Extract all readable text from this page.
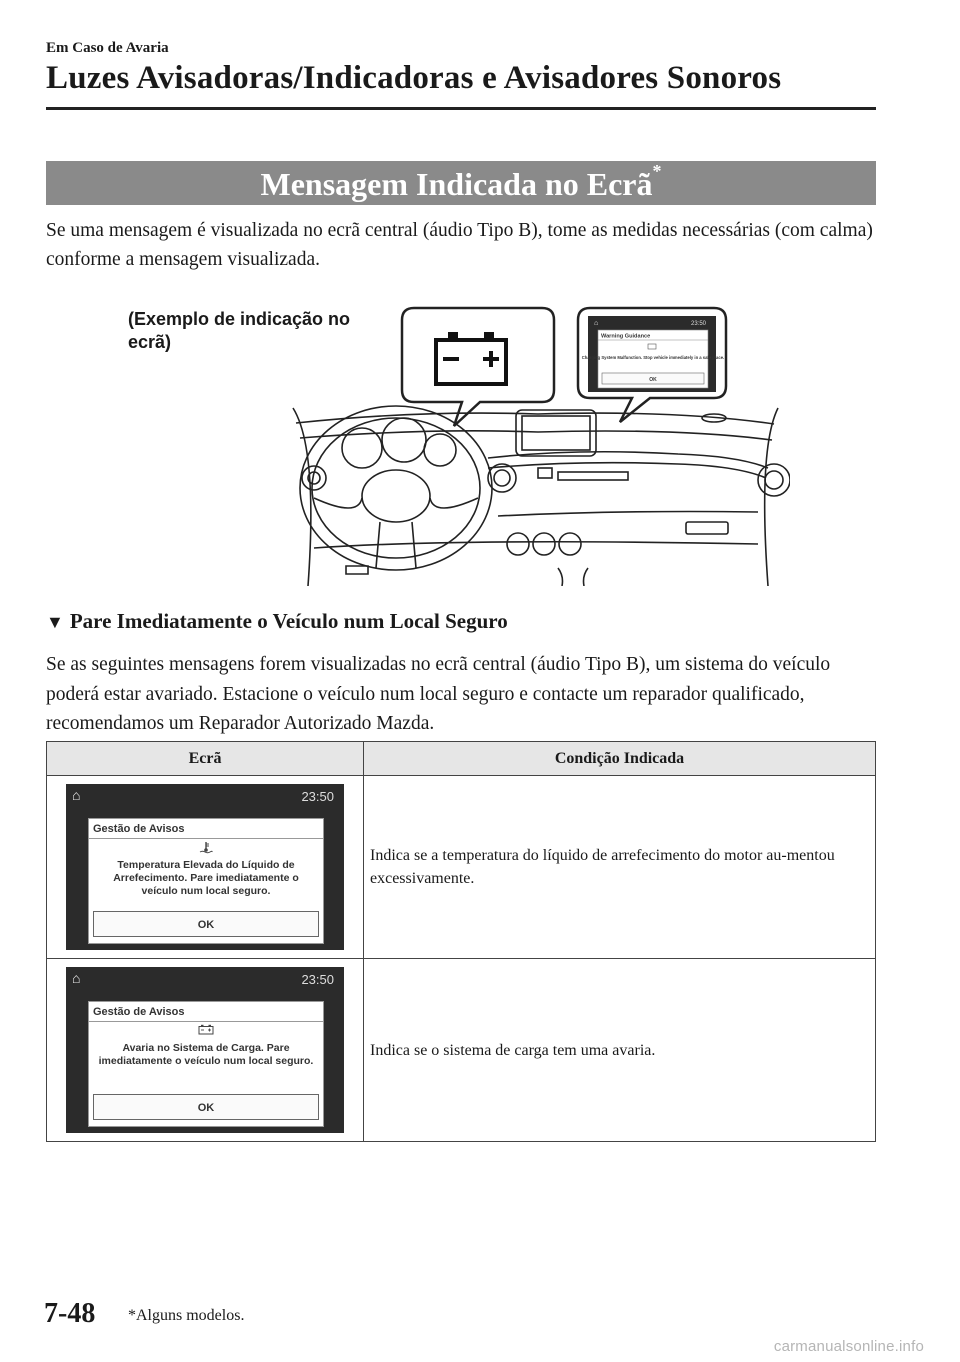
Em Caso de Avaria
Luzes Avisadoras/Indicadoras e Avisadores Sonoros
Mensagem Indicada no Ecrã*
Se uma mensagem é visualizada no ecrã central (áudio Tipo B), tome as medidas necessárias (com calma) conforme a mensagem visualizada.
(Exemplo de indicação no ecrã)
⌂	23:50
Warning Guidance
Charging System Malfunction. Stop vehicle immediately in a safe place.
OK
▼ Pare Imediatamente o Veículo num Local Seguro
Se as seguintes mensagens forem visualizadas no ecrã central (áudio Tipo B), um sistema do veículo poderá estar avariado. Estacione o veículo num local seguro e contacte um reparador qualificado, recomendamos um Reparador Autorizado Mazda.
Ecrã	Condição Indicada

⌂ 23:50
Gestão de Avisos
Temperatura Elevada do Líquido de Arrefecimento. Pare imediatamente o veículo num local seguro.
OK	Indica se a temperatura do líquido de arrefecimento do motor au-mentou excessivamente.

⌂ 23:50
Gestão de Avisos
Avaria no Sistema de Carga. Pare imediatamente o veículo num local seguro.
OK	Indica se o sistema de carga tem uma avaria.
7-48 *Alguns modelos.
carmanualsonline.info
